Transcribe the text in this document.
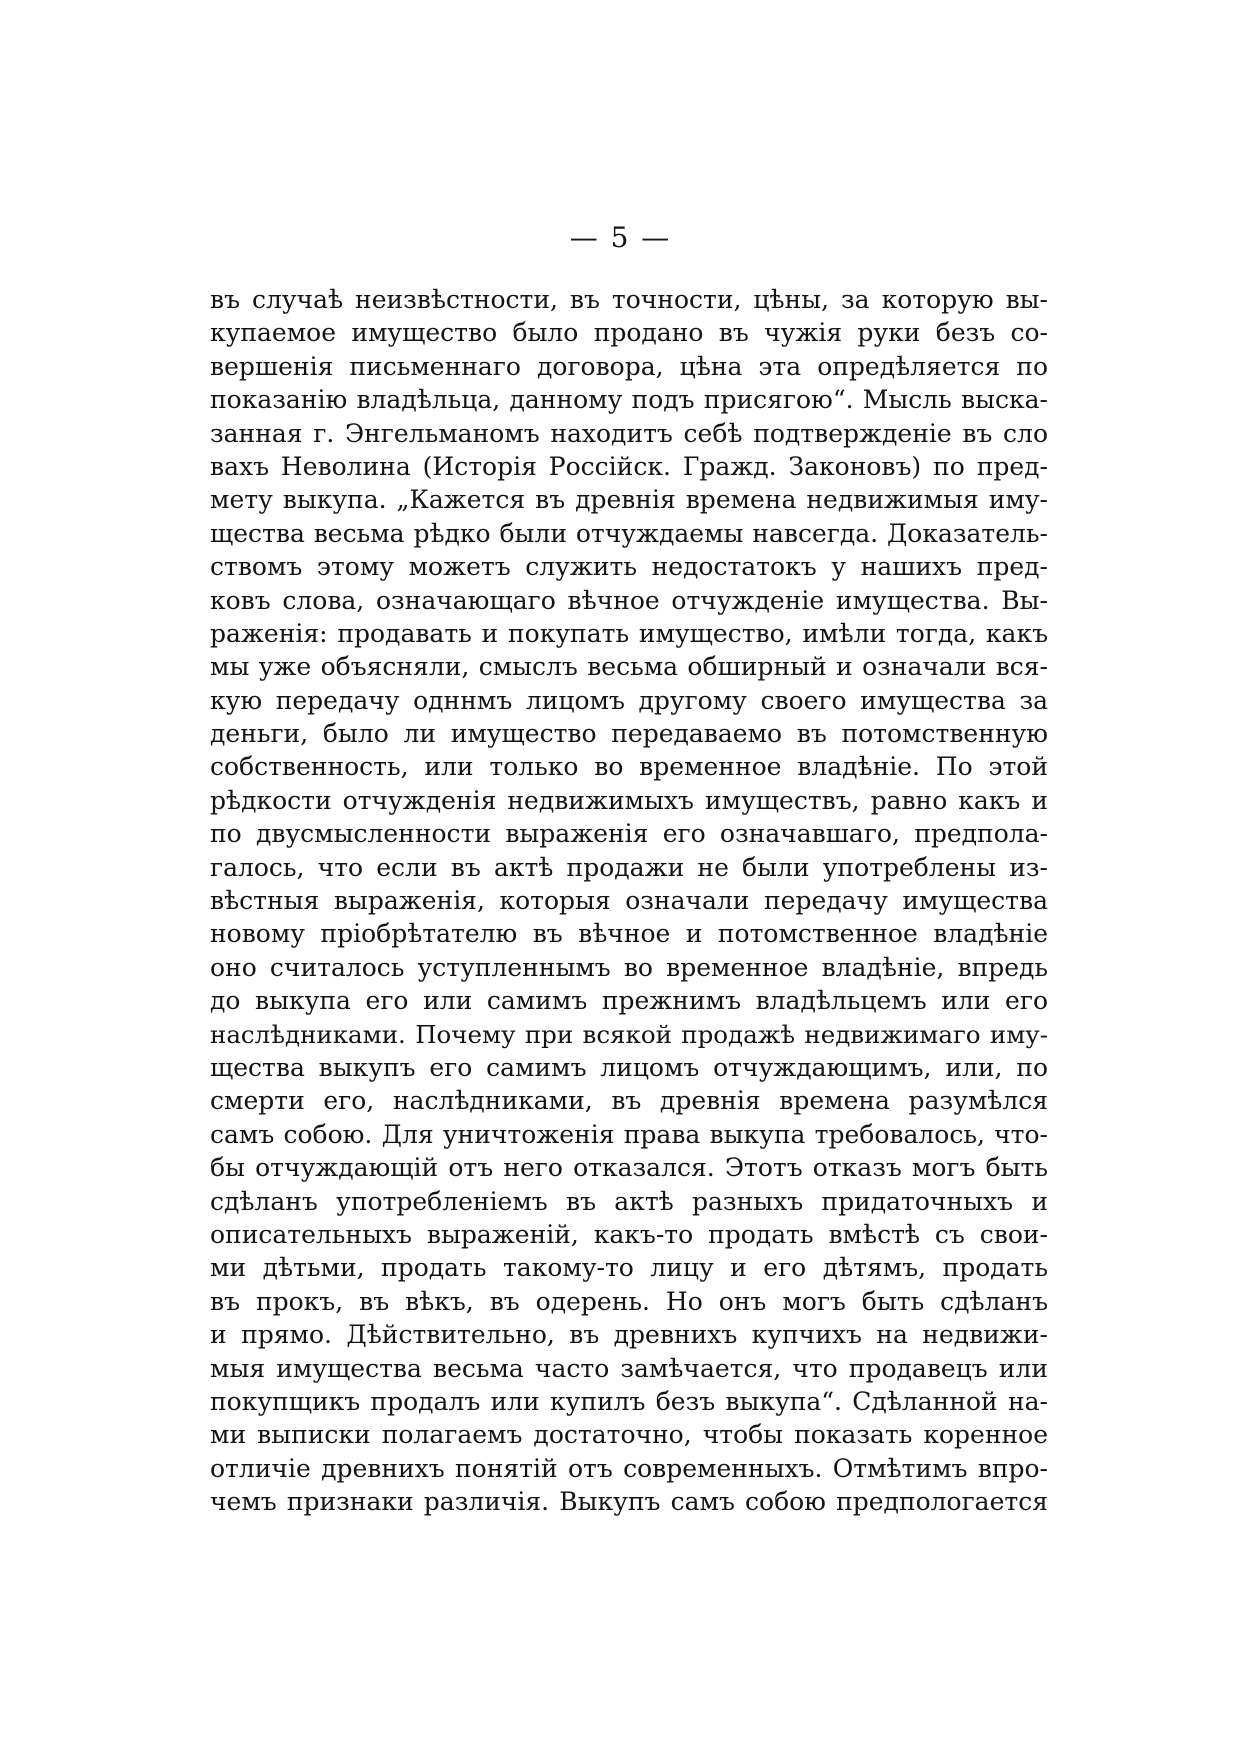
— 5 —
въ случаѣ неизвѣстности, въ точности, цѣны, за которую вы-
купаемое имущество было продано въ чужія руки безъ со-
вершенія письменнаго договора, цѣна эта опредѣляется по
показанію владѣльца, данному подъ присягою“. Мысль выска-
занная г. Энгельманомъ находитъ себѣ подтвержденіе въ сло
вахъ Неволина (Исторія Россійск. Гражд. Законовъ) по пред-
мету выкупа. „Кажется въ древнія времена недвижимыя иму-
щества весьма рѣдко были отчуждаемы навсегда. Доказатель-
ствомъ этому можетъ служить недостатокъ у нашихъ пред-
ковъ слова, означающаго вѣчное отчужденіе имущества. Вы-
раженія: продавать и покупать имущество, имѣли тогда, какъ
мы уже объясняли, смыслъ весьма обширный и означали вся-
кую передачу одннмъ лицомъ другому своего имущества за
деньги, было ли имущество передаваемо въ потомственную
собственность, или только во временное владѣніе. По этой
рѣдкости отчужденія недвижимыхъ имуществъ, равно какъ и
по двусмысленности выраженія его означавшаго, предпола-
галось, что если въ актѣ продажи не были употреблены из-
вѣстныя выраженія, которыя означали передачу имущества
новому пріобрѣтателю въ вѣчное и потомственное владѣніе
оно считалось уступленнымъ во временное владѣніе, впредь
до выкупа его или самимъ прежнимъ владѣльцемъ или его
наслѣдниками. Почему при всякой продажѣ недвижимаго иму-
щества выкупъ его самимъ лицомъ отчуждающимъ, или, по
смерти его, наслѣдниками, въ древнія времена разумѣлся
самъ собою. Для уничтоженія права выкупа требовалось, что-
бы отчуждающій отъ него отказался. Этотъ отказъ могъ быть
сдѣланъ употребленіемъ въ актѣ разныхъ придаточныхъ и
описательныхъ выраженій, какъ-то продать вмѣстѣ съ свои-
ми дѣтьми, продать такому-то лицу и его дѣтямъ, продать
въ прокъ, въ вѣкъ, въ одерень. Но онъ могъ быть сдѣланъ
и прямо. Дѣйствительно, въ древнихъ купчихъ на недвижи-
мыя имущества весьма часто замѣчается, что продавецъ или
покупщикъ продалъ или купилъ безъ выкупа“. Сдѣланной на-
ми выписки полагаемъ достаточно, чтобы показать коренное
отличіе древнихъ понятій отъ современныхъ. Отмѣтимъ впро-
чемъ признаки различія. Выкупъ самъ собою предпологается
